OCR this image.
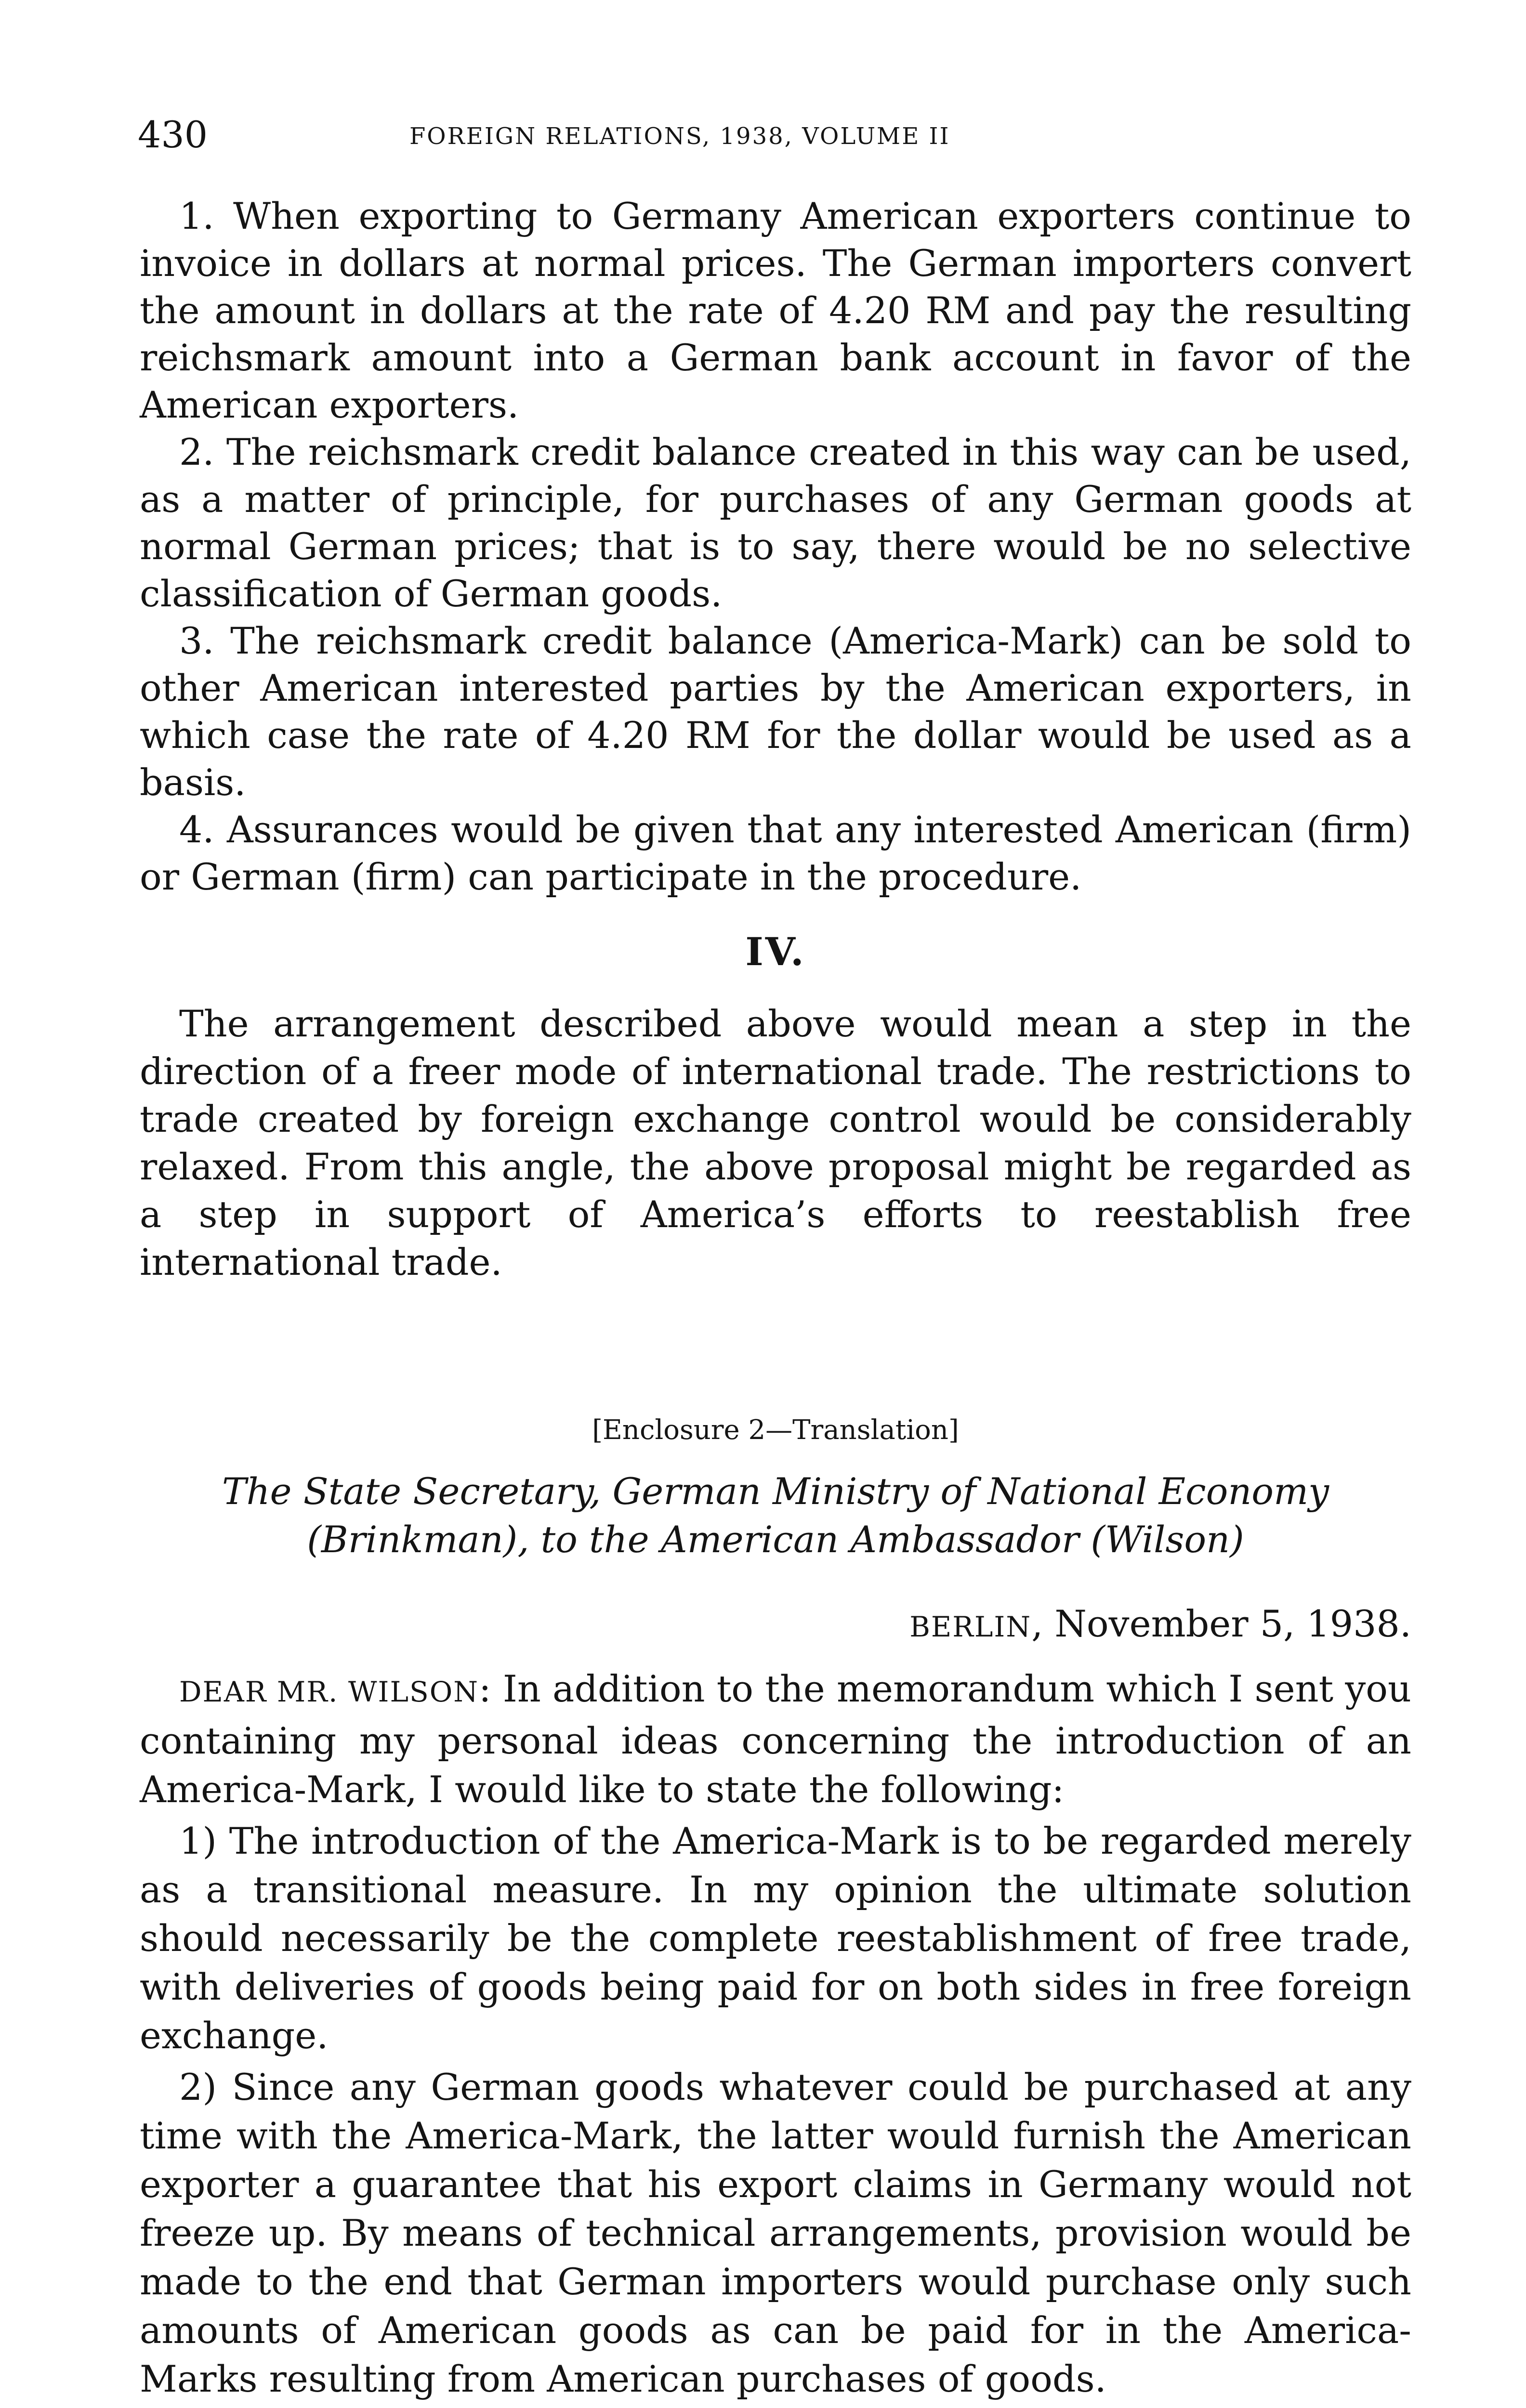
430	FOREIGN RELATIONS, 1938, VOLUME II

1. When exporting to Germany American exporters continue to invoice in dollars at normal prices. The German importers convert the amount in dollars at the rate of 4.20 RM and pay the resulting reichsmark amount into a German bank account in favor of the American exporters.

2. The reichsmark credit balance created in this way can be used, as a matter of principle, for purchases of any German goods at normal German prices; that is to say, there would be no selective classification of German goods.

3. The reichsmark credit balance (America-Mark) can be sold to other American interested parties by the American exporters, in which case the rate of 4.20 RM for the dollar would be used as a basis.

4. Assurances would be given that any interested American (firm) or German (firm) can participate in the procedure.

IV.

The arrangement described above would mean a step in the direction of a freer mode of international trade. The restrictions to trade created by foreign exchange control would be considerably relaxed. From this angle, the above proposal might be regarded as a step in support of America’s efforts to reestablish free international trade.

[Enclosure 2—Translation]
The State Secretary, German Ministry of National Economy
(Brinkman), to the American Ambassador (Wilson)
BERLIN, November 5, 1938.

DEAR MR. WILSON: In addition to the memorandum which I sent you containing my personal ideas concerning the introduction of an America-Mark, I would like to state the following:

1) The introduction of the America-Mark is to be regarded merely as a transitional measure. In my opinion the ultimate solution should necessarily be the complete reestablishment of free trade, with deliveries of goods being paid for on both sides in free foreign exchange.

2) Since any German goods whatever could be purchased at any time with the America-Mark, the latter would furnish the American exporter a guarantee that his export claims in Germany would not freeze up. By means of technical arrangements, provision would be made to the end that German importers would purchase only such amounts of American goods as can be paid for in the America-Marks resulting from American purchases of goods.
